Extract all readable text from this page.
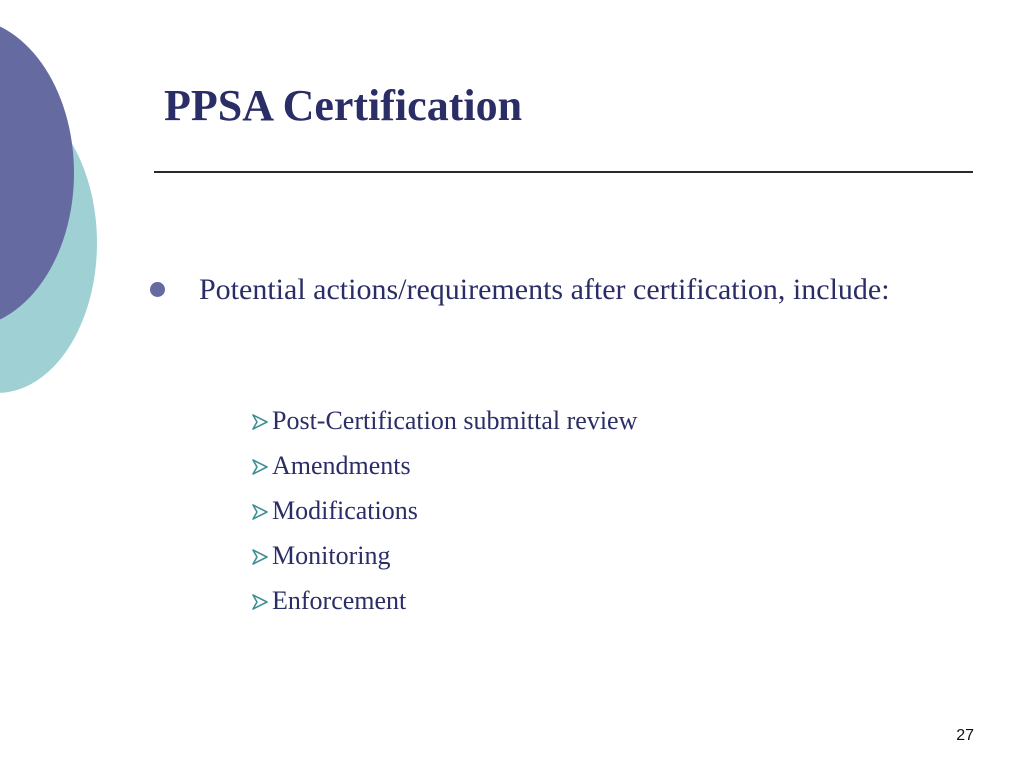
PPSA Certification

Potential actions/requirements after certification, include:

Post-Certification submittal review
Amendments
Modifications
Monitoring
Enforcement
27
